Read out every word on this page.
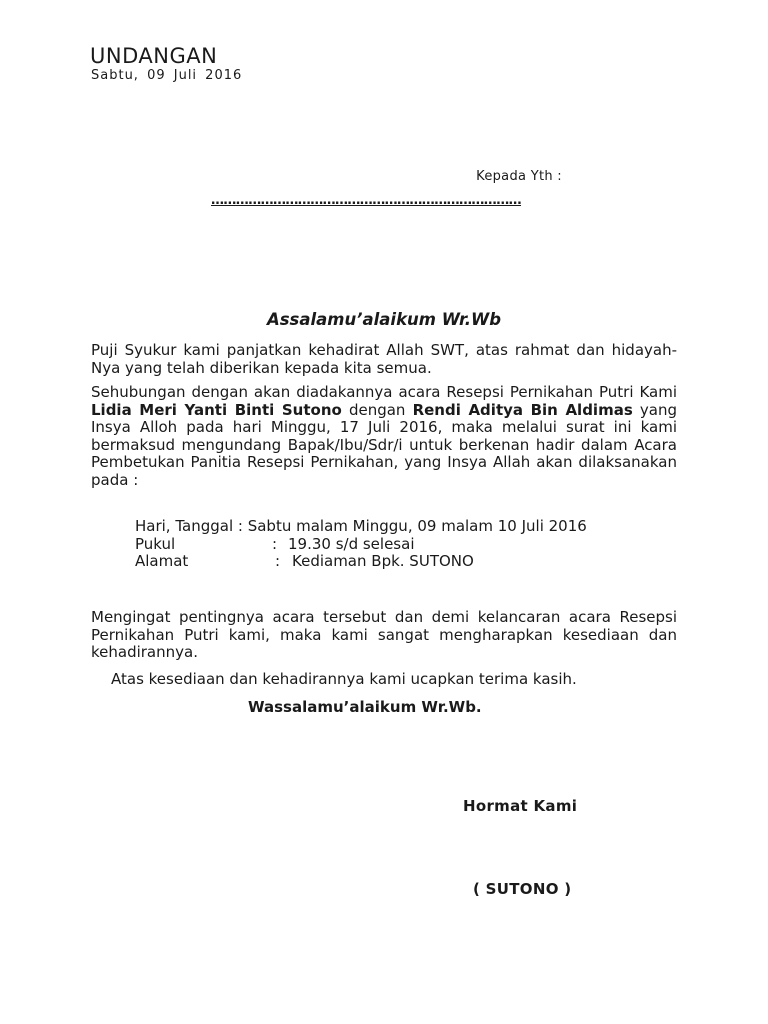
UNDANGAN
Sabtu, 09 Juli 2016
Kepada Yth :
…………………………………………………………………
Assalamu’alaikum Wr.Wb
Puji Syukur kami panjatkan kehadirat Allah SWT, atas rahmat dan hidayah-Nya yang telah diberikan kepada kita semua.
Sehubungan dengan akan diadakannya acara Resepsi Pernikahan Putri Kami Lidia Meri Yanti Binti Sutono dengan Rendi Aditya Bin Aldimas yang Insya Alloh pada hari Minggu, 17 Juli 2016, maka melalui surat ini kami bermaksud mengundang Bapak/Ibu/Sdr/i untuk berkenan hadir dalam Acara Pembetukan Panitia Resepsi Pernikahan, yang Insya Allah akan dilaksanakan pada :
Hari, Tanggal : Sabtu malam Minggu, 09 malam 10 Juli 2016
Pukul	: 19.30 s/d selesai
Alamat	: Kediaman Bpk. SUTONO
Mengingat pentingnya acara tersebut dan demi kelancaran acara Resepsi Pernikahan Putri kami, maka kami sangat mengharapkan kesediaan dan kehadirannya.
Atas kesediaan dan kehadirannya kami ucapkan terima kasih.
Wassalamu’alaikum Wr.Wb.
Hormat Kami
( SUTONO )
